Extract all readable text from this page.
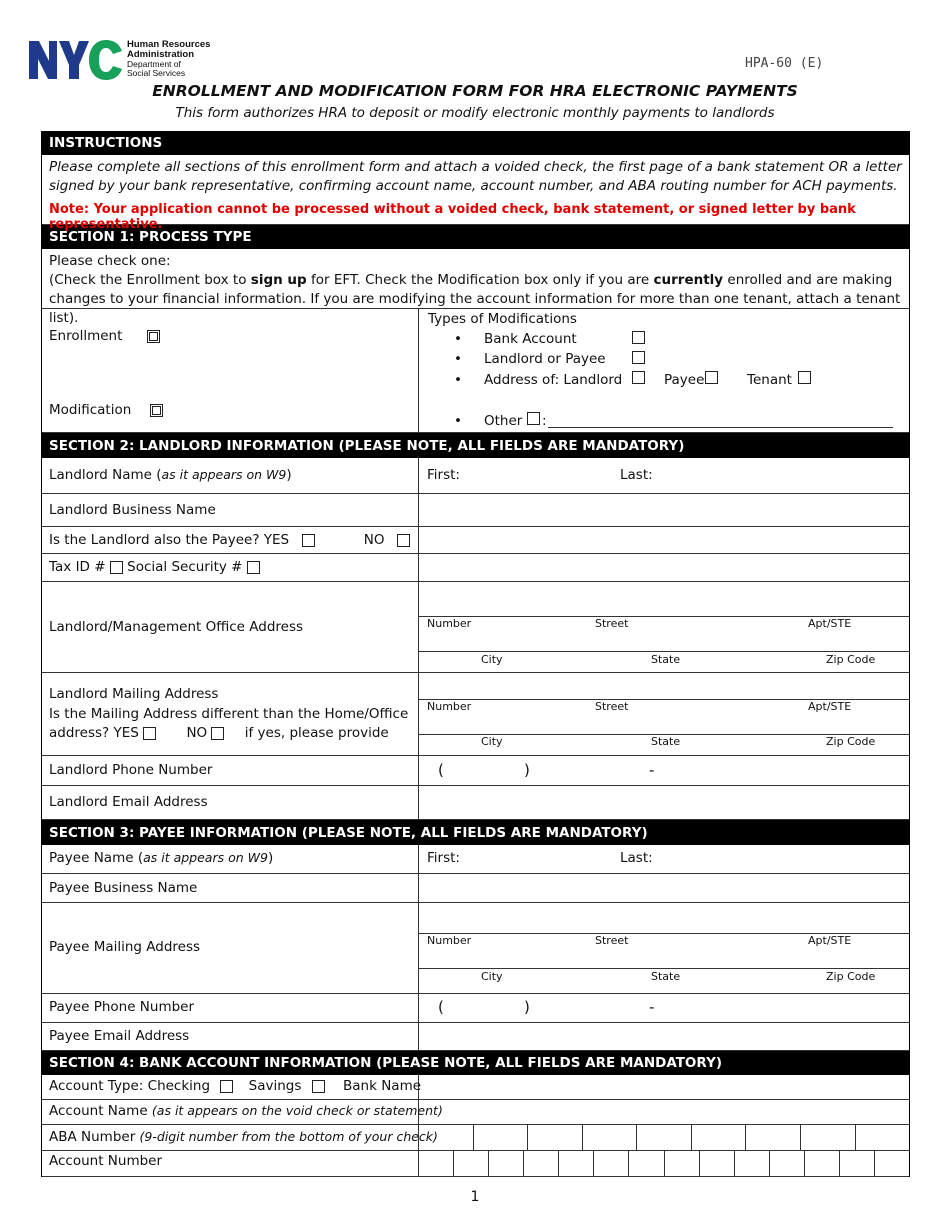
Human Resources
Administration
Department of
Social Services
HPA-60 (E)
ENROLLMENT AND MODIFICATION FORM FOR HRA ELECTRONIC PAYMENTS
This form authorizes HRA to deposit or modify electronic monthly payments to landlords
INSTRUCTIONS
Please complete all sections of this enrollment form and attach a voided check, the first page of a bank statement OR a letter signed by your bank representative, confirming account name, account number, and ABA routing number for ACH payments.
Note: Your application cannot be processed without a voided check, bank statement, or signed letter by bank representative.
SECTION 1: PROCESS TYPE
Please check one:
(Check the Enrollment box to sign up for EFT. Check the Modification box only if you are currently enrolled and are making changes to your financial information. If you are modifying the account information for more than one tenant, attach a tenant list).
Enrollment
Modification
Types of Modifications
• Bank Account
• Landlord or Payee
• Address of: Landlord	Payee	Tenant
• Other :
SECTION 2: LANDLORD INFORMATION (PLEASE NOTE, ALL FIELDS ARE MANDATORY)
Landlord Name (as it appears on W9)	First:	Last:
Landlord Business Name
Is the Landlord also the Payee? YES	NO
Tax ID # Social Security #
Landlord/Management Office Address	Number	Street	Apt/STE
City	State	Zip Code
Landlord Mailing Address
Is the Mailing Address different than the Home/Office
address? YES	NO	if yes, please provide
Number	Street	Apt/STE
City	State	Zip Code
Landlord Phone Number	(	)	-
Landlord Email Address
SECTION 3: PAYEE INFORMATION (PLEASE NOTE, ALL FIELDS ARE MANDATORY)
Payee Name (as it appears on W9)	First:	Last:
Payee Business Name
Payee Mailing Address	Number	Street	Apt/STE
City	State	Zip Code
Payee Phone Number	(	)	-
Payee Email Address
SECTION 4: BANK ACCOUNT INFORMATION (PLEASE NOTE, ALL FIELDS ARE MANDATORY)
Account Type: Checking	Savings	Bank Name
Account Name (as it appears on the void check or statement)
ABA Number (9-digit number from the bottom of your check)
Account Number
1
